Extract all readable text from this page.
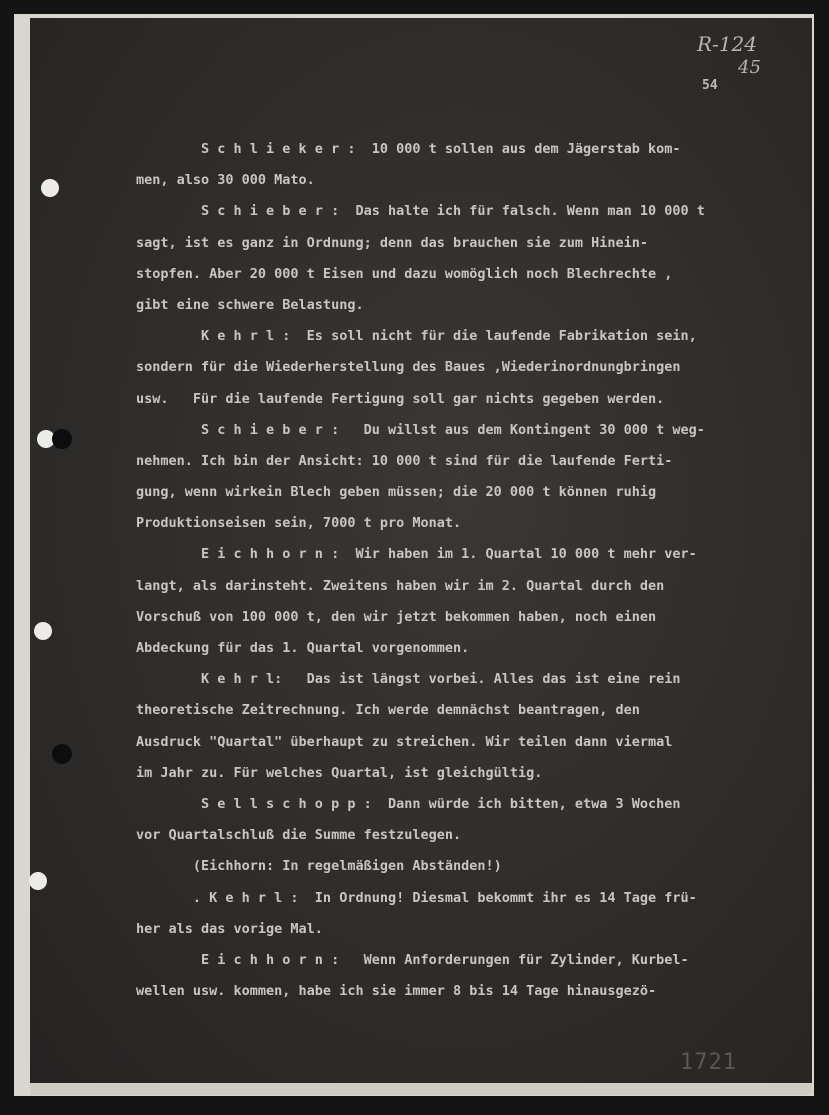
R-124
45
54
S c h l i e k e r :  10 000 t sollen aus dem Jägerstab kom-
men, also 30 000 Mato.
S c h i e b e r :  Das halte ich für falsch. Wenn man 10 000 t
sagt, ist es ganz in Ordnung; denn das brauchen sie zum Hinein-
stopfen. Aber 20 000 t Eisen und dazu womöglich noch Blechrechte ,
gibt eine schwere Belastung.
K e h r l :  Es soll nicht für die laufende Fabrikation sein,
sondern für die Wiederherstellung des Baues ,Wiederinordnungbringen
usw.   Für die laufende Fertigung soll gar nichts gegeben werden.
S c h i e b e r :   Du willst aus dem Kontingent 30 000 t weg-
nehmen. Ich bin der Ansicht: 10 000 t sind für die laufende Ferti-
gung, wenn wirkein Blech geben müssen; die 20 000 t können ruhig
Produktionseisen sein, 7000 t pro Monat.
E i c h h o r n :  Wir haben im 1. Quartal 10 000 t mehr ver-
langt, als darinsteht. Zweitens haben wir im 2. Quartal durch den
Vorschuß von 100 000 t, den wir jetzt bekommen haben, noch einen
Abdeckung für das 1. Quartal vorgenommen.
K e h r l:   Das ist längst vorbei. Alles das ist eine rein
theoretische Zeitrechnung. Ich werde demnächst beantragen, den
Ausdruck "Quartal" überhaupt zu streichen. Wir teilen dann viermal
im Jahr zu. Für welches Quartal, ist gleichgültig.
S e l l s c h o p p :  Dann würde ich bitten, etwa 3 Wochen
vor Quartalschluß die Summe festzulegen.
(Eichhorn: In regelmäßigen Abständen!)
. K e h r l :  In Ordnung! Diesmal bekommt ihr es 14 Tage frü-
her als das vorige Mal.
E i c h h o r n :   Wenn Anforderungen für Zylinder, Kurbel-
wellen usw. kommen, habe ich sie immer 8 bis 14 Tage hinausgezö-
1721
